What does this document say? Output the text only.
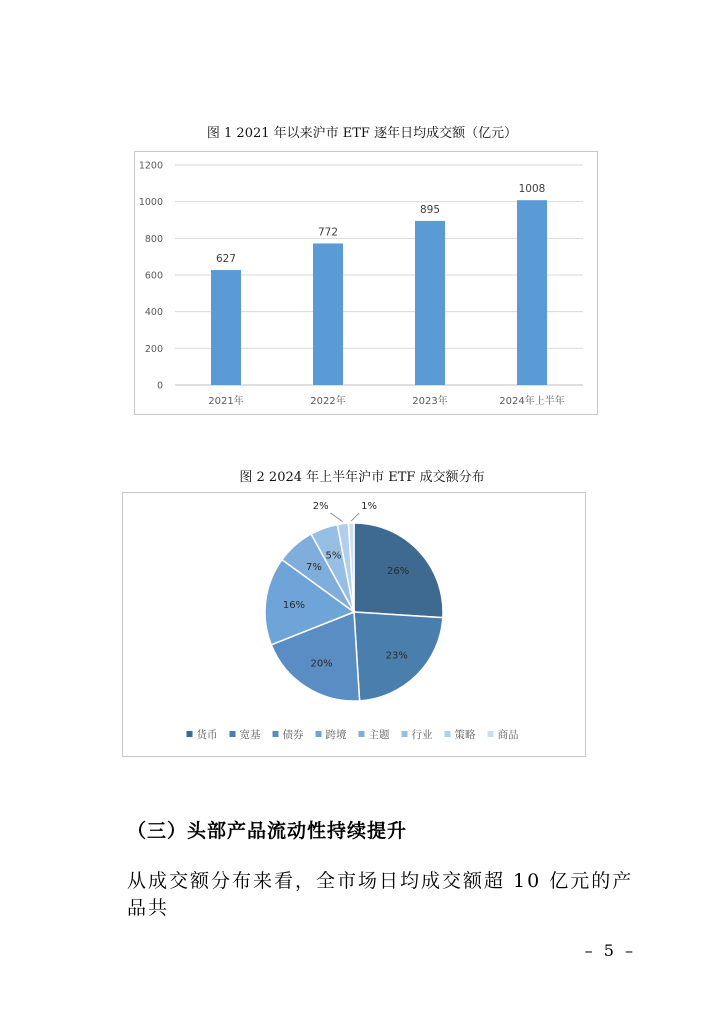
图 1 2021 年以来沪市 ETF 逐年日均成交额（亿元）
0
200
400
600
800
1000
1200
627
2021年
772
2022年
895
2023年
1008
2024年上半年
图 2 2024 年上半年沪市 ETF 成交额分布
26%
23%
20%
16%
7%
5%
2%	1%
货币 宽基 债券 跨境 主题 行业 策略 商品
（三）头部产品流动性持续提升
从成交额分布来看，全市场日均成交额超 10 亿元的产品共
– 5 –
